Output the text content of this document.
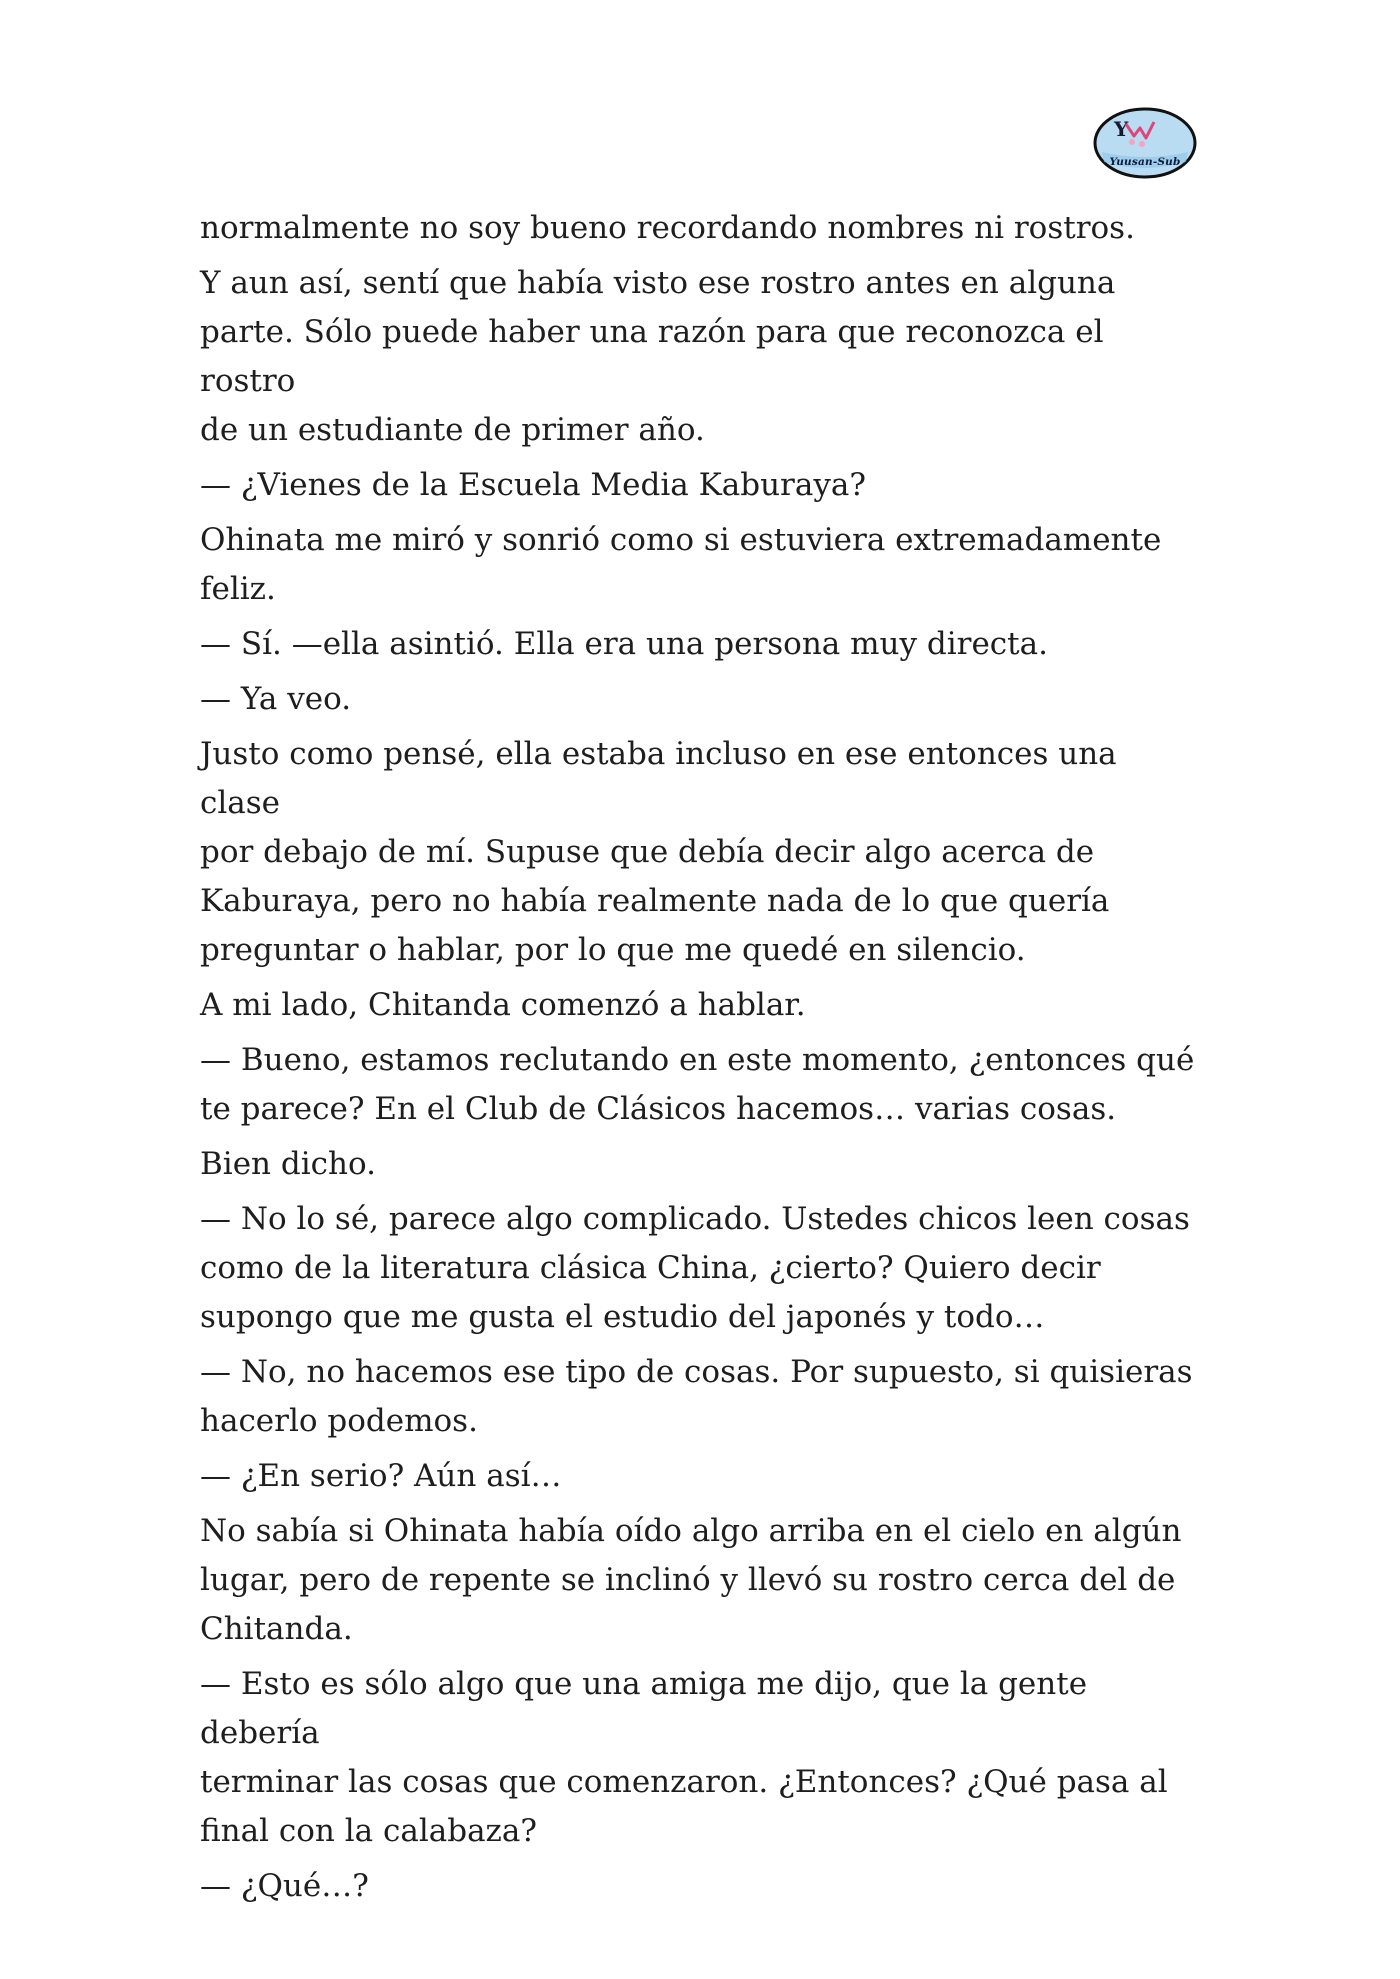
Y
Yuusan-Sub

normalmente no soy bueno recordando nombres ni rostros.

Y aun así, sentí que había visto ese rostro antes en alguna
parte. Sólo puede haber una razón para que reconozca el rostro
de un estudiante de primer año.

— ¿Vienes de la Escuela Media Kaburaya?

Ohinata me miró y sonrió como si estuviera extremadamente
feliz.

— Sí. —ella asintió. Ella era una persona muy directa.

— Ya veo.

Justo como pensé, ella estaba incluso en ese entonces una clase
por debajo de mí. Supuse que debía decir algo acerca de
Kaburaya, pero no había realmente nada de lo que quería
preguntar o hablar, por lo que me quedé en silencio.

A mi lado, Chitanda comenzó a hablar.

— Bueno, estamos reclutando en este momento, ¿entonces qué
te parece? En el Club de Clásicos hacemos… varias cosas.

Bien dicho.

— No lo sé, parece algo complicado. Ustedes chicos leen cosas
como de la literatura clásica China, ¿cierto? Quiero decir
supongo que me gusta el estudio del japonés y todo…

— No, no hacemos ese tipo de cosas. Por supuesto, si quisieras
hacerlo podemos.

— ¿En serio? Aún así…

No sabía si Ohinata había oído algo arriba en el cielo en algún
lugar, pero de repente se inclinó y llevó su rostro cerca del de
Chitanda.

— Esto es sólo algo que una amiga me dijo, que la gente debería
terminar las cosas que comenzaron. ¿Entonces? ¿Qué pasa al
final con la calabaza?

— ¿Qué…?
